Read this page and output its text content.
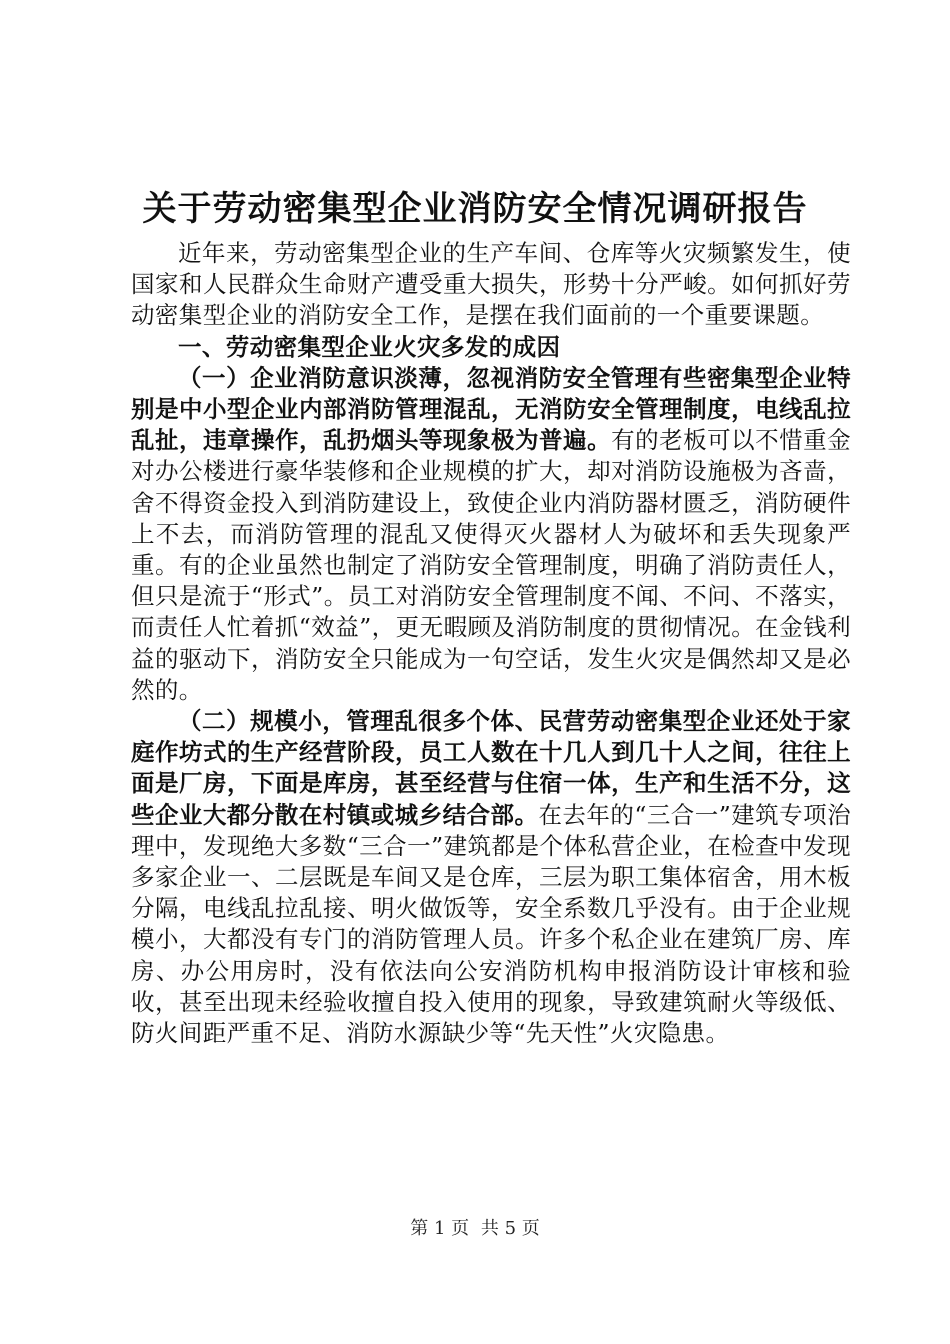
关于劳动密集型企业消防安全情况调研报告

近年来，劳动密集型企业的生产车间、仓库等火灾频繁发生，使国家和人民群众生命财产遭受重大损失，形势十分严峻。如何抓好劳动密集型企业的消防安全工作，是摆在我们面前的一个重要课题。

一、劳动密集型企业火灾多发的成因

（一）企业消防意识淡薄，忽视消防安全管理有些密集型企业特别是中小型企业内部消防管理混乱，无消防安全管理制度，电线乱拉乱扯，违章操作，乱扔烟头等现象极为普遍。有的老板可以不惜重金对办公楼进行豪华装修和企业规模的扩大，却对消防设施极为吝啬，舍不得资金投入到消防建设上，致使企业内消防器材匮乏，消防硬件上不去，而消防管理的混乱又使得灭火器材人为破坏和丢失现象严重。有的企业虽然也制定了消防安全管理制度，明确了消防责任人，但只是流于“形式”。员工对消防安全管理制度不闻、不问、不落实，而责任人忙着抓“效益”，更无暇顾及消防制度的贯彻情况。在金钱利益的驱动下，消防安全只能成为一句空话，发生火灾是偶然却又是必然的。

（二）规模小，管理乱很多个体、民营劳动密集型企业还处于家庭作坊式的生产经营阶段，员工人数在十几人到几十人之间，往往上面是厂房，下面是库房，甚至经营与住宿一体，生产和生活不分，这些企业大都分散在村镇或城乡结合部。在去年的“三合一”建筑专项治理中，发现绝大多数“三合一”建筑都是个体私营企业，在检查中发现多家企业一、二层既是车间又是仓库，三层为职工集体宿舍，用木板分隔，电线乱拉乱接、明火做饭等，安全系数几乎没有。由于企业规模小，大都没有专门的消防管理人员。许多个私企业在建筑厂房、库房、办公用房时，没有依法向公安消防机构申报消防设计审核和验收，甚至出现未经验收擅自投入使用的现象，导致建筑耐火等级低、防火间距严重不足、消防水源缺少等“先天性”火灾隐患。

第 1 页 共 5 页
